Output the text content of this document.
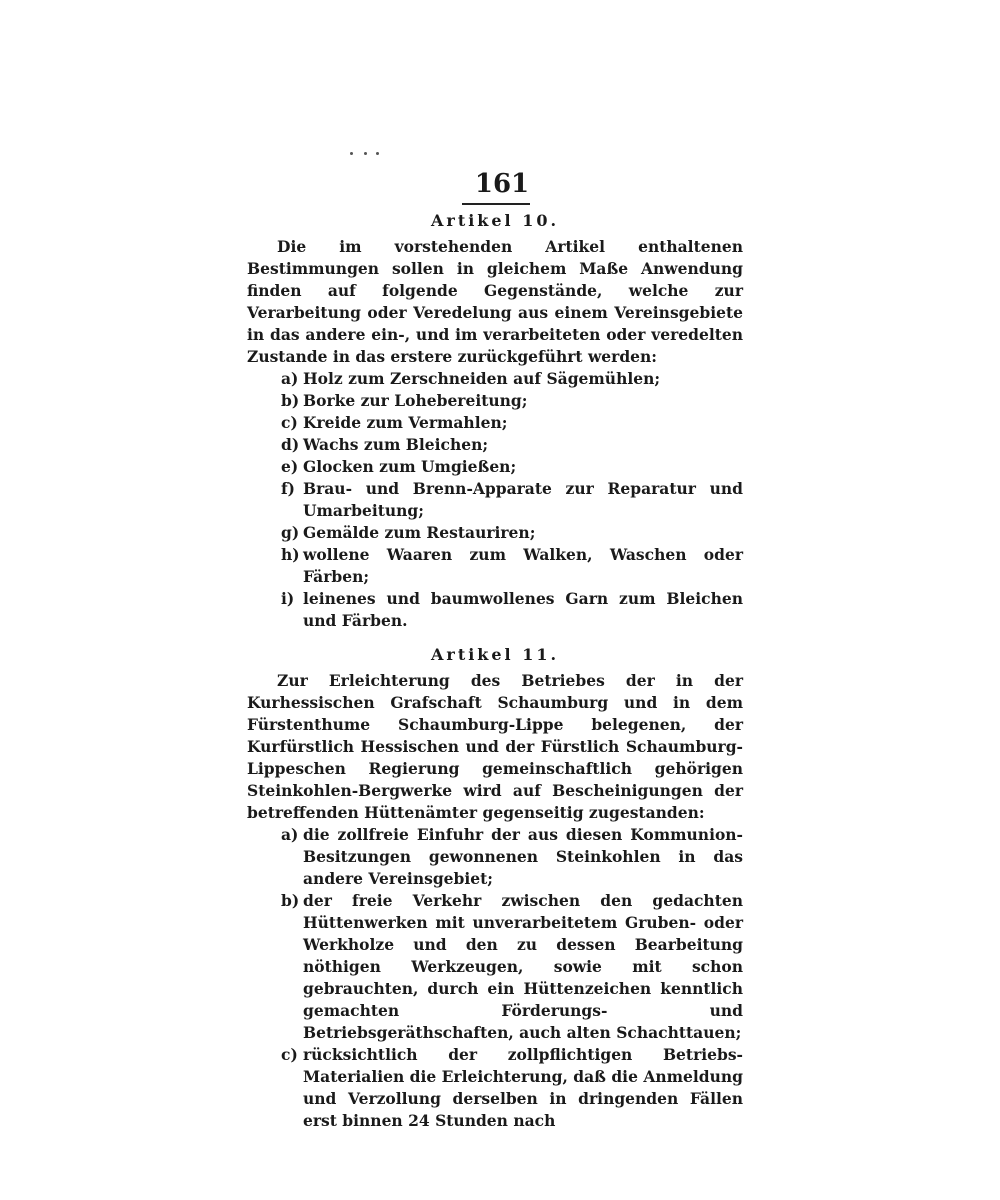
161
Artikel 10.

Die im vorstehenden Artikel enthaltenen Bestimmungen sollen in gleichem Maße Anwendung finden auf folgende Gegenstände, welche zur Verarbeitung oder Veredelung aus einem Vereinsgebiete in das andere ein-, und im verarbeiteten oder veredelten Zustande in das erstere zurückgeführt werden:

a) Holz zum Zerschneiden auf Sägemühlen;

b) Borke zur Lohebereitung;

c) Kreide zum Vermahlen;

d) Wachs zum Bleichen;

e) Glocken zum Umgießen;

f) Brau- und Brenn-Apparate zur Reparatur und Umarbeitung;

g) Gemälde zum Restauriren;

h) wollene Waaren zum Walken, Waschen oder Färben;

i) leinenes und baumwollenes Garn zum Bleichen und Färben.

Artikel 11.

Zur Erleichterung des Betriebes der in der Kurhessischen Grafschaft Schaumburg und in dem Fürstenthume Schaumburg-Lippe belegenen, der Kurfürstlich Hessischen und der Fürstlich Schaumburg-Lippeschen Regierung gemeinschaftlich gehörigen Steinkohlen-Bergwerke wird auf Bescheinigungen der betreffenden Hüttenämter gegenseitig zugestanden:

a) die zollfreie Einfuhr der aus diesen Kommunion-Besitzungen gewonnenen Steinkohlen in das andere Vereinsgebiet;

b) der freie Verkehr zwischen den gedachten Hüttenwerken mit unverarbeitetem Gruben- oder Werkholze und den zu dessen Bearbeitung nöthigen Werkzeugen, sowie mit schon gebrauchten, durch ein Hüttenzeichen kenntlich gemachten Förderungs- und Betriebsgeräthschaften, auch alten Schachttauen;

c) rücksichtlich der zollpflichtigen Betriebs-Materialien die Erleichterung, daß die Anmeldung und Verzollung derselben in dringenden Fällen erst binnen 24 Stunden nach
